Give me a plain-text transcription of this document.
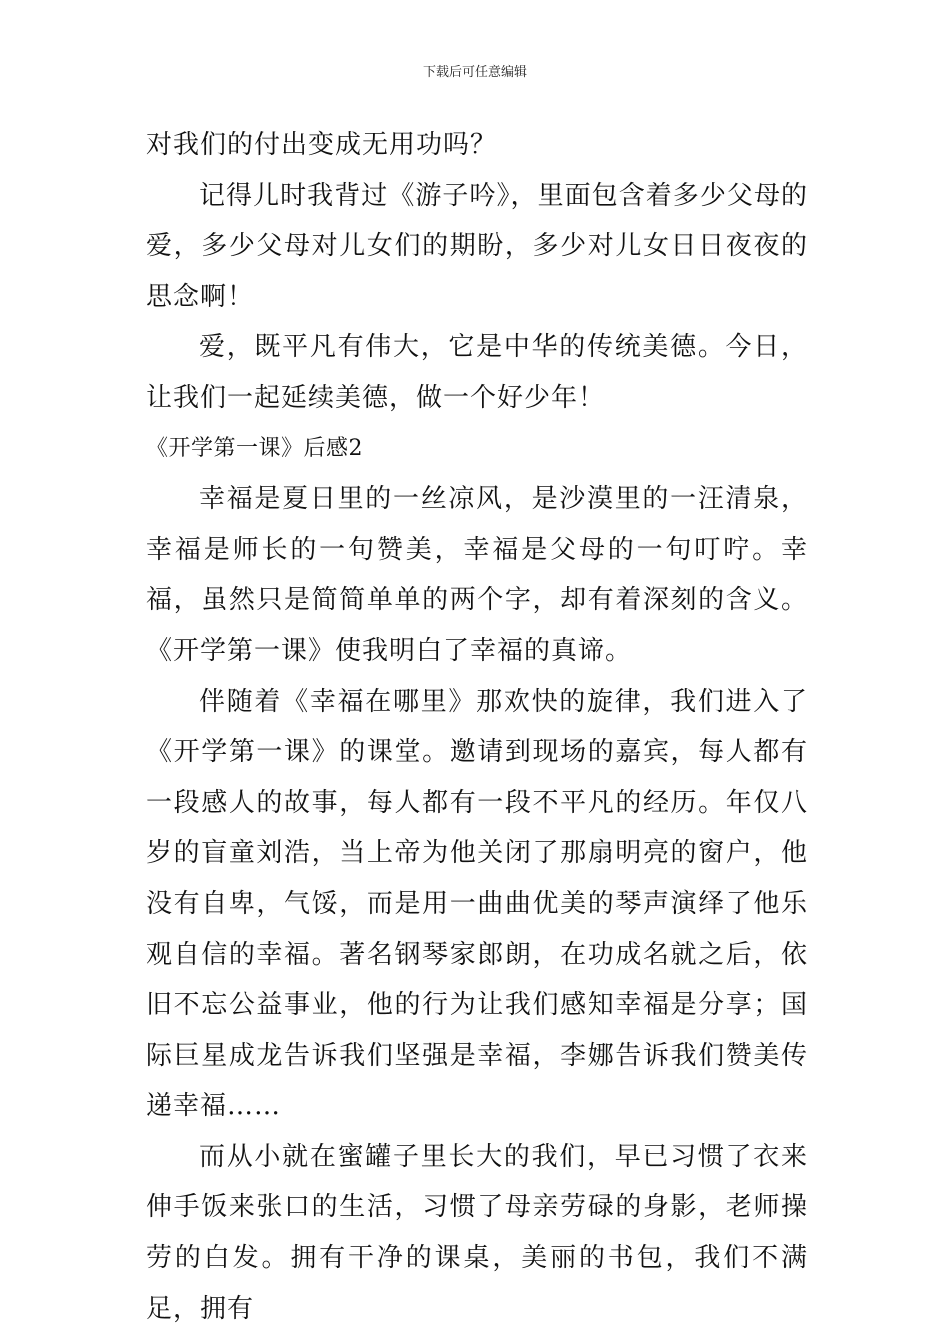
下载后可任意编辑

对我们的付出变成无用功吗？

记得儿时我背过《游子吟》，里面包含着多少父母的爱，多少父母对儿女们的期盼，多少对儿女日日夜夜的思念啊！

爱，既平凡有伟大，它是中华的传统美德。今日，让我们一起延续美德，做一个好少年！

《开学第一课》后感2

幸福是夏日里的一丝凉风，是沙漠里的一汪清泉，幸福是师长的一句赞美，幸福是父母的一句叮咛。幸福，虽然只是简简单单的两个字，却有着深刻的含义。《开学第一课》使我明白了幸福的真谛。

伴随着《幸福在哪里》那欢快的旋律，我们进入了《开学第一课》的课堂。邀请到现场的嘉宾，每人都有一段感人的故事，每人都有一段不平凡的经历。年仅八岁的盲童刘浩，当上帝为他关闭了那扇明亮的窗户，他没有自卑，气馁，而是用一曲曲优美的琴声演绎了他乐观自信的幸福。著名钢琴家郎朗，在功成名就之后，依旧不忘公益事业，他的行为让我们感知幸福是分享；国际巨星成龙告诉我们坚强是幸福，李娜告诉我们赞美传递幸福……

而从小就在蜜罐子里长大的我们，早已习惯了衣来伸手饭来张口的生活，习惯了母亲劳碌的身影，老师操劳的白发。拥有干净的课桌，美丽的书包，我们不满足，拥有
